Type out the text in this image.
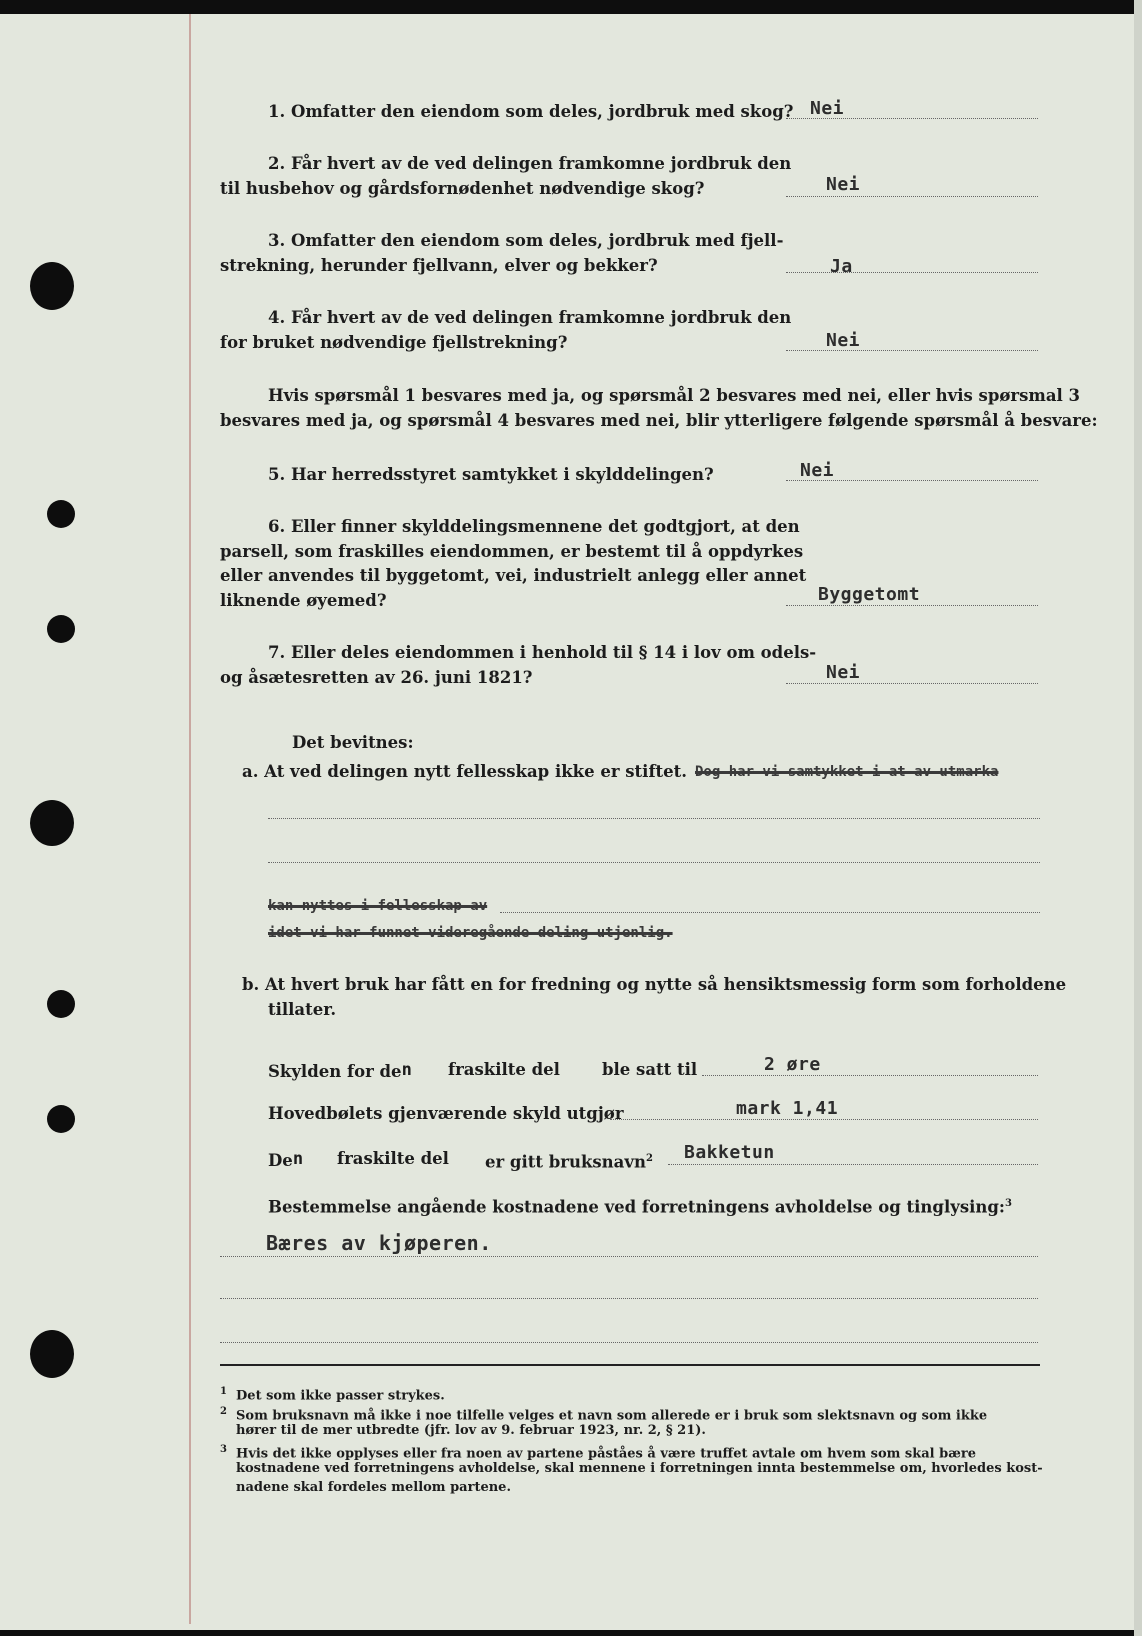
1. Omfatter den eiendom som deles, jordbruk med skog? Nei
2. Får hvert av de ved delingen framkomne jordbruk den
til husbehov og gårdsfornødenhet nødvendige skog?	Nei
3. Omfatter den eiendom som deles, jordbruk med fjell-
strekning, herunder fjellvann, elver og bekker?	Ja
4. Får hvert av de ved delingen framkomne jordbruk den
for bruket nødvendige fjellstrekning?	Nei
Hvis spørsmål 1 besvares med ja, og spørsmål 2 besvares med nei, eller hvis spørsmal 3
besvares med ja, og spørsmål 4 besvares med nei, blir ytterligere følgende spørsmål å besvare:
5. Har herredsstyret samtykket i skylddelingen?	Nei
6. Eller finner skylddelingsmennene det godtgjort, at den
parsell, som fraskilles eiendommen, er bestemt til å oppdyrkes
eller anvendes til byggetomt, vei, industrielt anlegg eller annet
liknende øyemed?	Byggetomt
7. Eller deles eiendommen i henhold til § 14 i lov om odels-
og åsætesretten av 26. juni 1821?	Nei
Det bevitnes:
a. At ved delingen nytt fellesskap ikke er stiftet. Dog har vi samtykket i at av utmarka
kan nyttes i fellesskap av
idet vi har funnet videregående deling utjenlig.
b. At hvert bruk har fått en for fredning og nytte så hensiktsmessig form som forholdene
tillater.
Skylden for den fraskilte del	ble satt til	2 øre
Hovedbølets gjenværende skyld utgjør	mark 1,41
Den fraskilte del er gitt bruksnavn$^2$ Bakketun
Bestemmelse angående kostnadene ved forretningens avholdelse og tinglysing:$^3$
Bæres av kjøperen.
$^1$ Det som ikke passer strykes.
$^2$ Som bruksnavn må ikke i noe tilfelle velges et navn som allerede er i bruk som slektsnavn og som ikke
hører til de mer utbredte (jfr. lov av 9. februar 1923, nr. 2, § 21).
$^3$ Hvis det ikke opplyses eller fra noen av partene påståes å være truffet avtale om hvem som skal bære
kostnadene ved forretningens avholdelse, skal mennene i forretningen innta bestemmelse om, hvorledes kost-
nadene skal fordeles mellom partene.
